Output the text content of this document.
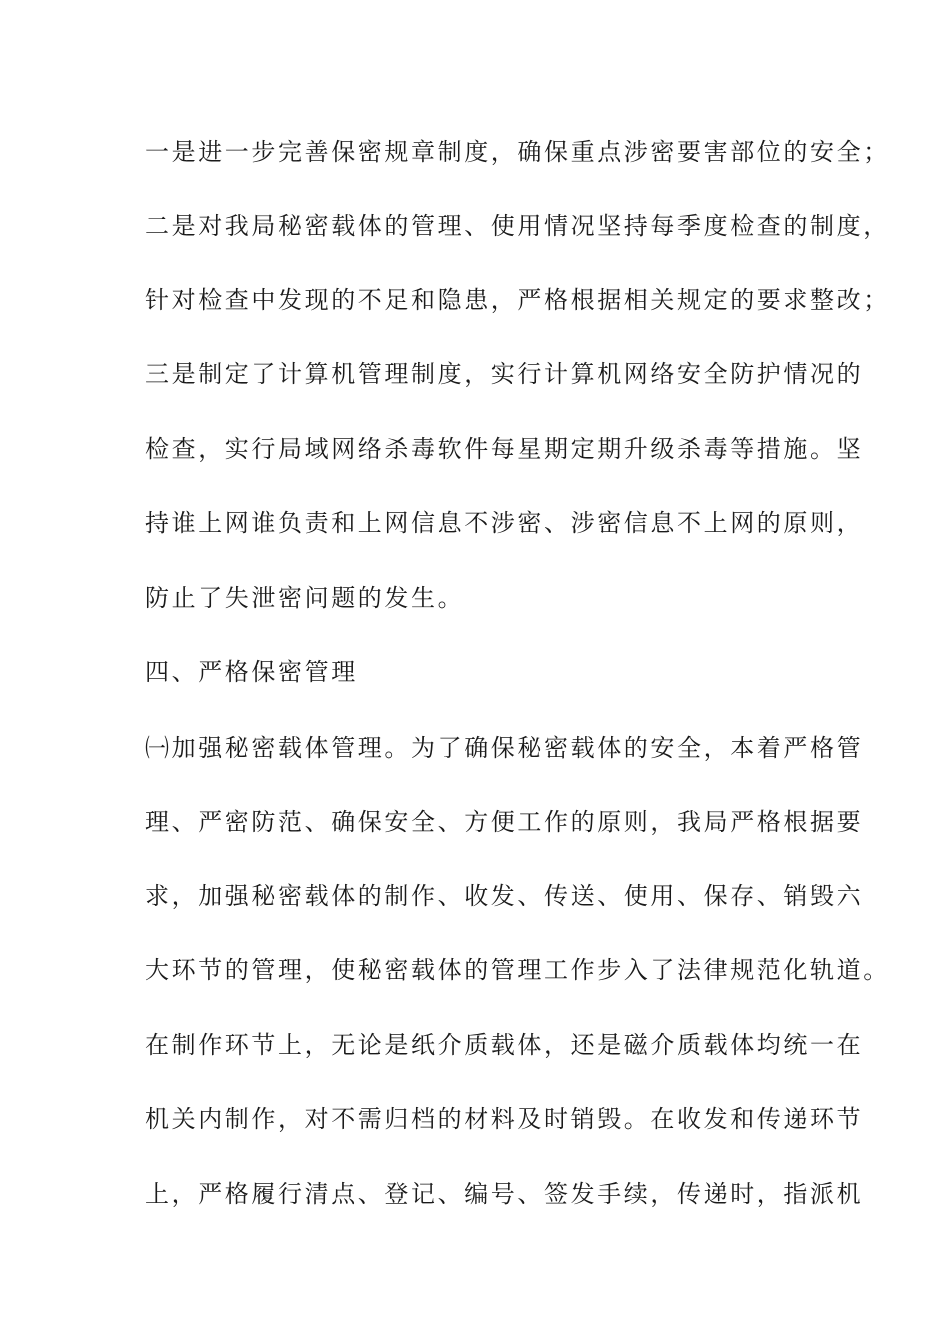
一是进一步完善保密规章制度，确保重点涉密要害部位的安全；
二是对我局秘密载体的管理、使用情况坚持每季度检查的制度，
针对检查中发现的不足和隐患，严格根据相关规定的要求整改；
三是制定了计算机管理制度，实行计算机网络安全防护情况的
检查，实行局域网络杀毒软件每星期定期升级杀毒等措施。坚
持谁上网谁负责和上网信息不涉密、涉密信息不上网的原则，
防止了失泄密问题的发生。
四、严格保密管理
㈠加强秘密载体管理。为了确保秘密载体的安全，本着严格管
理、严密防范、确保安全、方便工作的原则，我局严格根据要
求，加强秘密载体的制作、收发、传送、使用、保存、销毁六
大环节的管理，使秘密载体的管理工作步入了法律规范化轨道。
在制作环节上，无论是纸介质载体，还是磁介质载体均统一在
机关内制作，对不需归档的材料及时销毁。在收发和传递环节
上，严格履行清点、登记、编号、签发手续，传递时，指派机
